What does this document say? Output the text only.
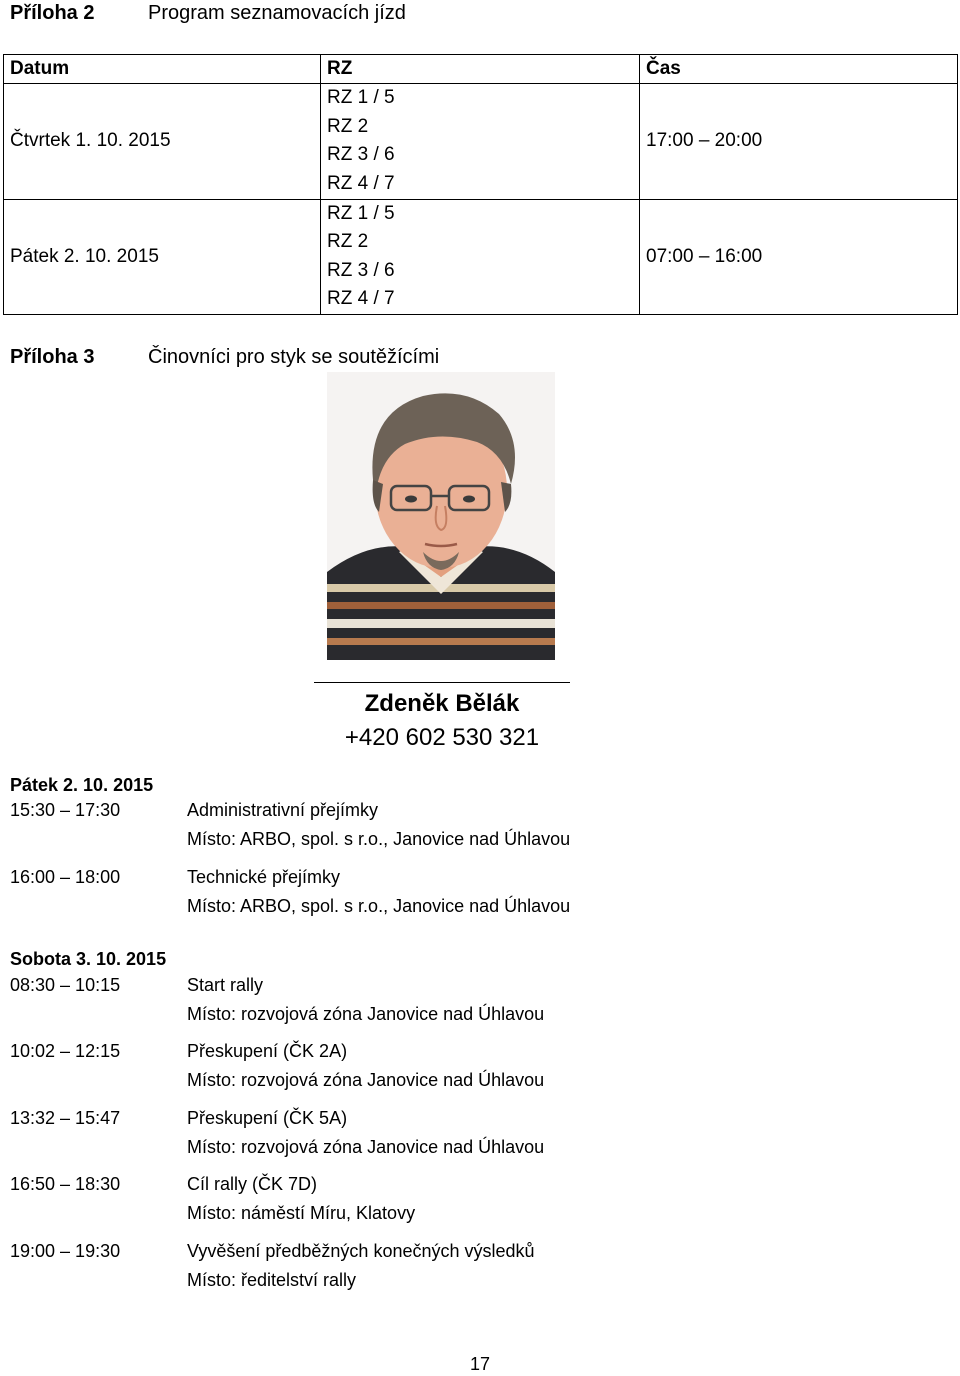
Příloha 2	Program seznamovacích jízd
Datum	RZ	Čas
Čtvrtek 1. 10. 2015	RZ 1 / 5
RZ 2
RZ 3 / 6
RZ 4 / 7	17:00 – 20:00
Pátek 2. 10. 2015	RZ 1 / 5
RZ 2
RZ 3 / 6
RZ 4 / 7	07:00 – 16:00
Příloha 3	Činovníci pro styk se soutěžícími
Zdeněk Bělák
+420 602 530 321
Pátek 2. 10. 2015
15:30 – 17:30	Administrativní přejímky
Místo: ARBO, spol. s r.o., Janovice nad Úhlavou
16:00 – 18:00	Technické přejímky
Místo: ARBO, spol. s r.o., Janovice nad Úhlavou
Sobota 3. 10. 2015
08:30 – 10:15	Start rally
Místo: rozvojová zóna Janovice nad Úhlavou
10:02 – 12:15	Přeskupení (ČK 2A)
Místo: rozvojová zóna Janovice nad Úhlavou
13:32 – 15:47	Přeskupení (ČK 5A)
Místo: rozvojová zóna Janovice nad Úhlavou
16:50 – 18:30	Cíl rally (ČK 7D)
Místo: náměstí Míru, Klatovy
19:00 – 19:30	Vyvěšení předběžných konečných výsledků
Místo: ředitelství rally
17
